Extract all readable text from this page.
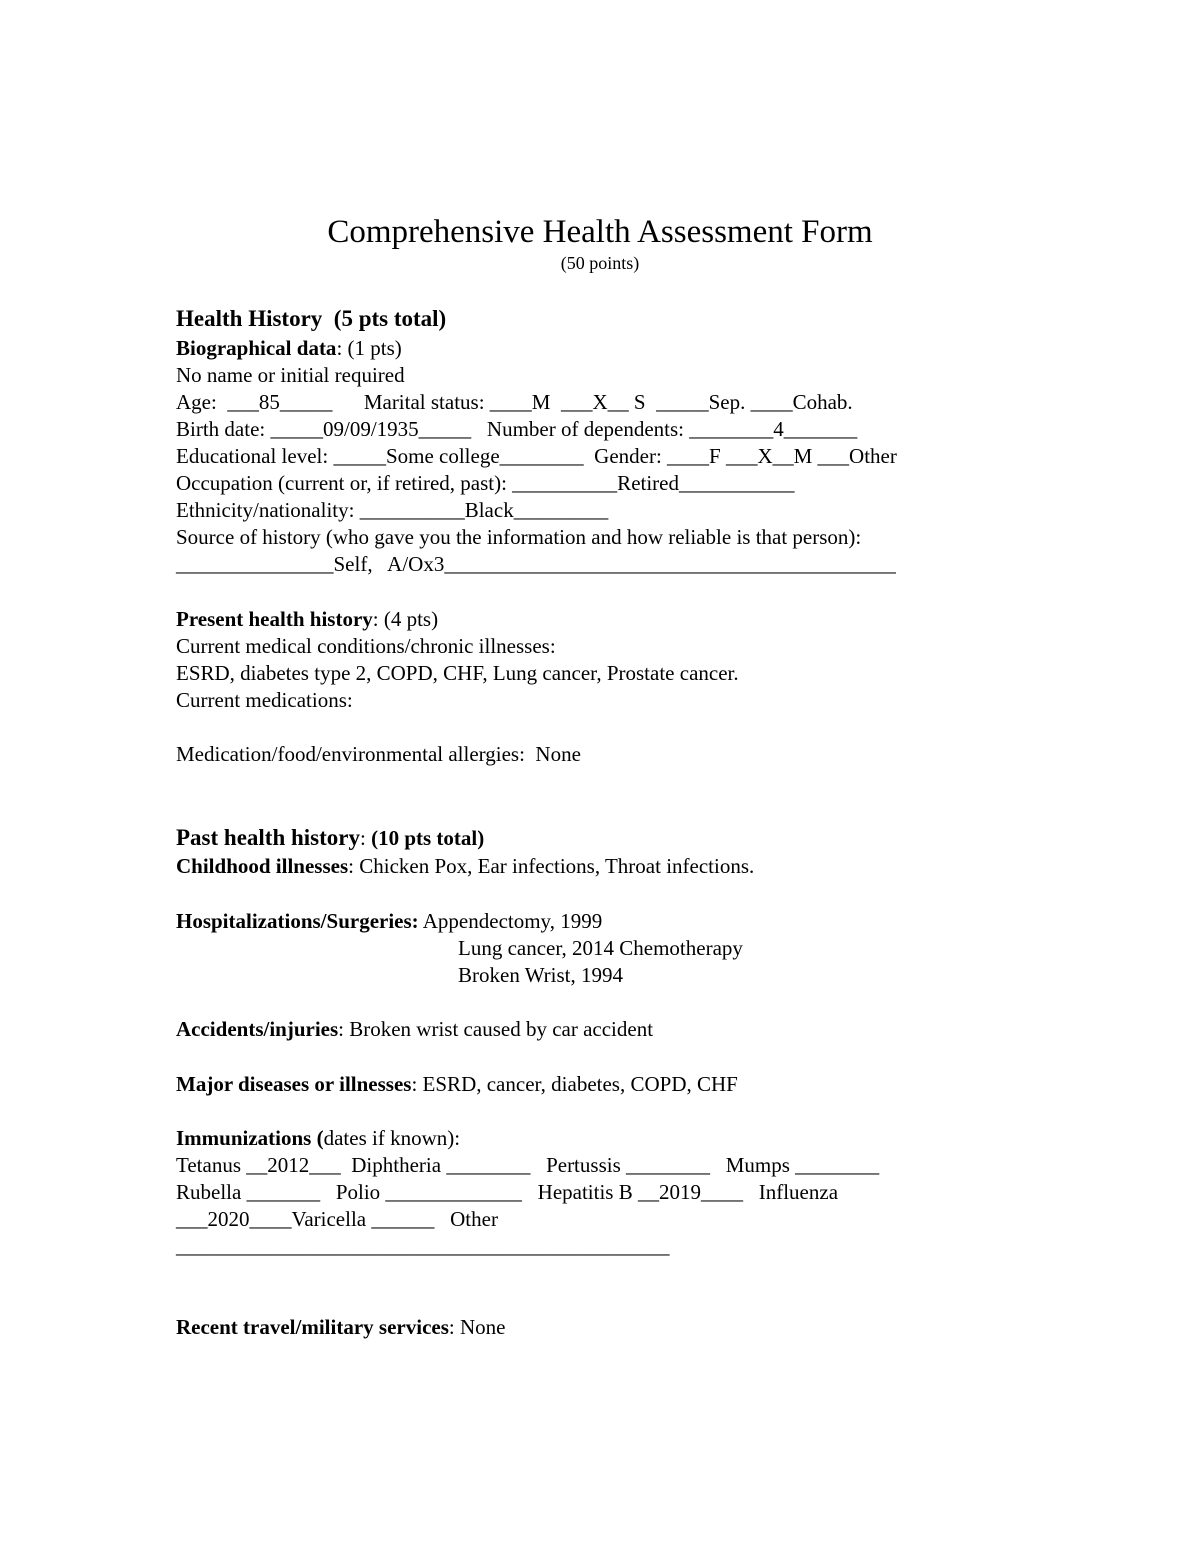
Comprehensive Health Assessment Form
(50 points)
Health History  (5 pts total)
Biographical data: (1 pts)
No name or initial required
Age:  ___85_____      Marital status: ____M  ___X__ S  _____Sep. ____Cohab.
Birth date: _____09/09/1935_____   Number of dependents: ________4_______
Educational level: _____Some college________  Gender: ____F ___X__M ___Other
Occupation (current or, if retired, past): __________Retired___________
Ethnicity/nationality: __________Black_________
Source of history (who gave you the information and how reliable is that person):
_______________Self,   A/Ox3___________________________________________
Present health history: (4 pts)
Current medical conditions/chronic illnesses:
ESRD, diabetes type 2, COPD, CHF, Lung cancer, Prostate cancer.
Current medications:
Medication/food/environmental allergies:  None
Past health history: (10 pts total)
Childhood illnesses: Chicken Pox, Ear infections, Throat infections.
Hospitalizations/Surgeries: Appendectomy, 1999
Lung cancer, 2014 Chemotherapy
Broken Wrist, 1994
Accidents/injuries: Broken wrist caused by car accident
Major diseases or illnesses: ESRD, cancer, diabetes, COPD, CHF
Immunizations (dates if known):
Tetanus __2012___  Diphtheria ________   Pertussis ________   Mumps ________
Rubella _______   Polio _____________   Hepatitis B __2019____   Influenza
___2020____Varicella ______   Other
_______________________________________________
Recent travel/military services: None
